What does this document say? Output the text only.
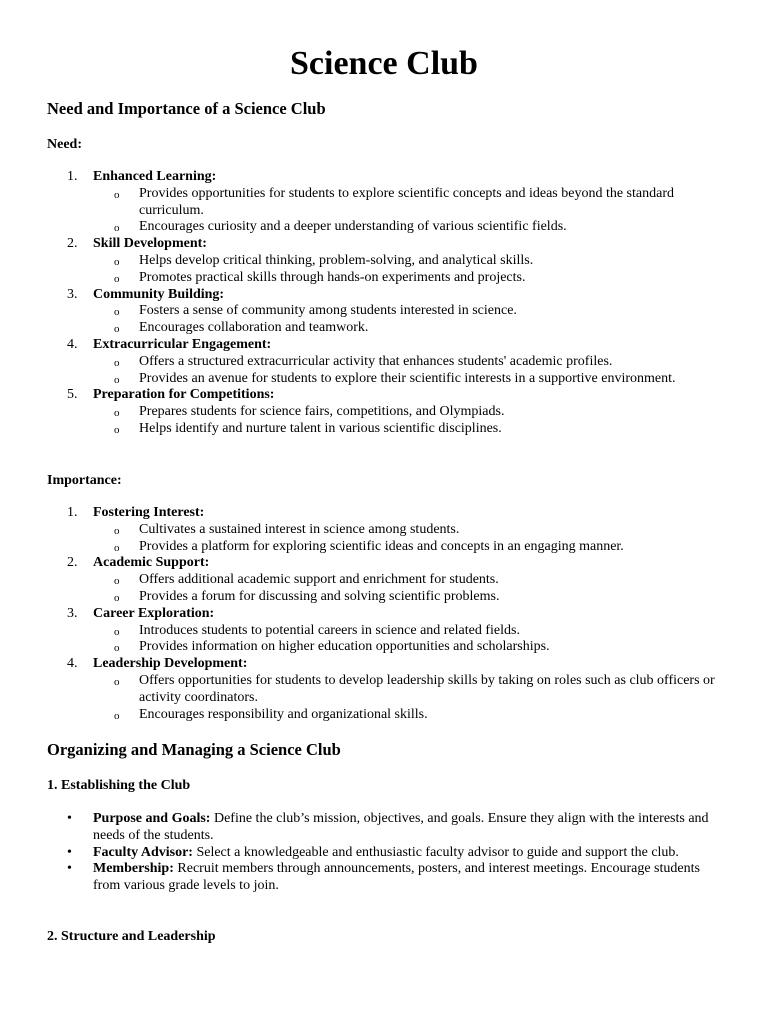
Science Club
Need and Importance of a Science Club
Need:
1. Enhanced Learning:
o Provides opportunities for students to explore scientific concepts and ideas beyond the standard curriculum.
o Encourages curiosity and a deeper understanding of various scientific fields.
2. Skill Development:
o Helps develop critical thinking, problem-solving, and analytical skills.
o Promotes practical skills through hands-on experiments and projects.
3. Community Building:
o Fosters a sense of community among students interested in science.
o Encourages collaboration and teamwork.
4. Extracurricular Engagement:
o Offers a structured extracurricular activity that enhances students' academic profiles.
o Provides an avenue for students to explore their scientific interests in a supportive environment.
5. Preparation for Competitions:
o Prepares students for science fairs, competitions, and Olympiads.
o Helps identify and nurture talent in various scientific disciplines.
Importance:
1. Fostering Interest:
o Cultivates a sustained interest in science among students.
o Provides a platform for exploring scientific ideas and concepts in an engaging manner.
2. Academic Support:
o Offers additional academic support and enrichment for students.
o Provides a forum for discussing and solving scientific problems.
3. Career Exploration:
o Introduces students to potential careers in science and related fields.
o Provides information on higher education opportunities and scholarships.
4. Leadership Development:
o Offers opportunities for students to develop leadership skills by taking on roles such as club officers or activity coordinators.
o Encourages responsibility and organizational skills.
Organizing and Managing a Science Club
1. Establishing the Club
• Purpose and Goals: Define the club’s mission, objectives, and goals. Ensure they align with the interests and needs of the students.
• Faculty Advisor: Select a knowledgeable and enthusiastic faculty advisor to guide and support the club.
• Membership: Recruit members through announcements, posters, and interest meetings. Encourage students from various grade levels to join.
2. Structure and Leadership
